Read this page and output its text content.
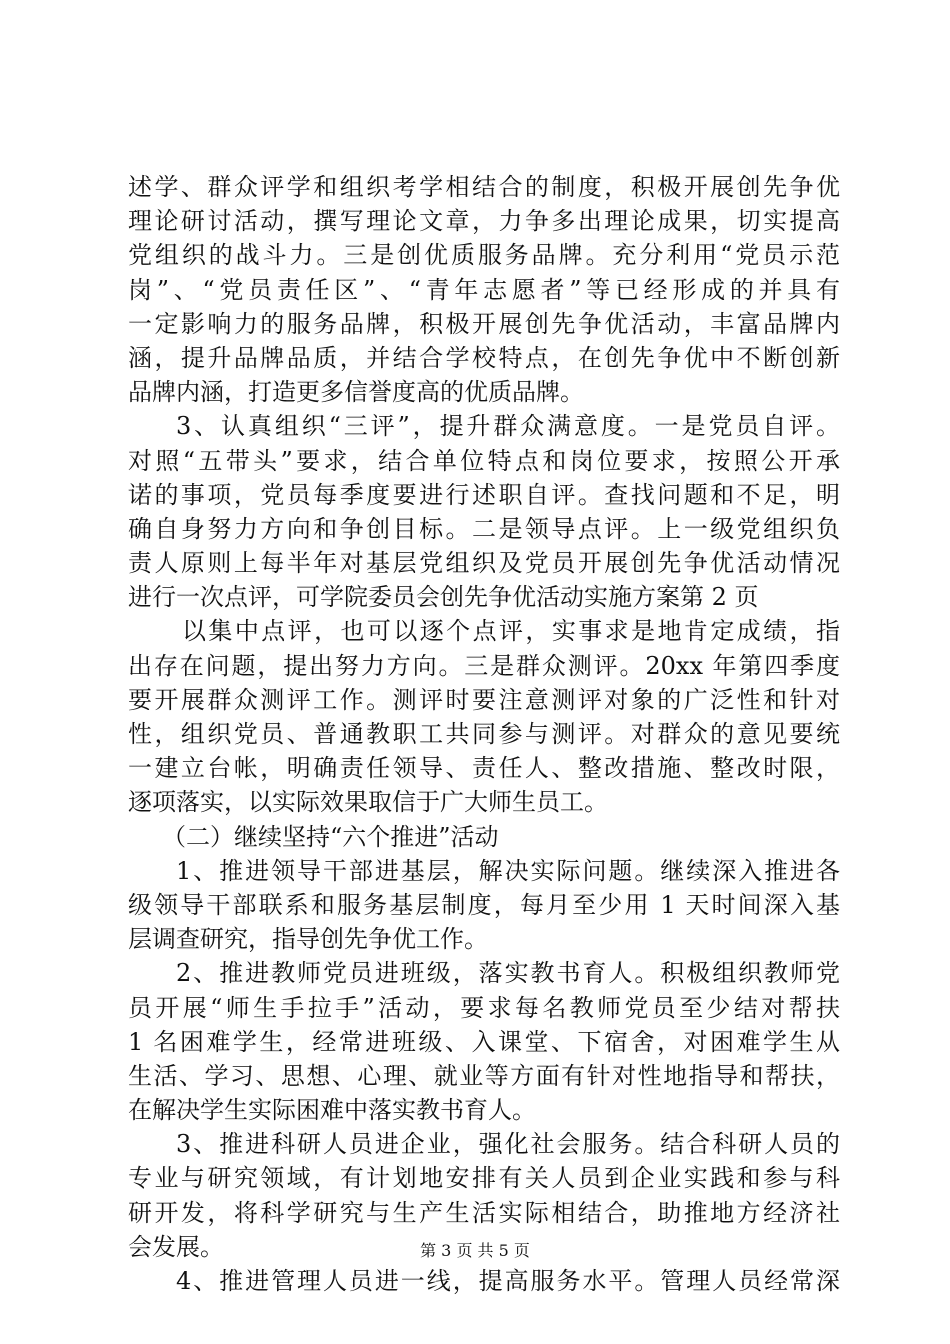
述学、群众评学和组织考学相结合的制度，积极开展创先争优
理论研讨活动，撰写理论文章，力争多出理论成果，切实提高
党组织的战斗力。三是创优质服务品牌。充分利用“党员示范
岗”、“党员责任区”、“青年志愿者”等已经形成的并具有
一定影响力的服务品牌，积极开展创先争优活动，丰富品牌内
涵，提升品牌品质，并结合学校特点，在创先争优中不断创新
品牌内涵，打造更多信誉度高的优质品牌。
3、认真组织“三评”，提升群众满意度。一是党员自评。
对照“五带头”要求，结合单位特点和岗位要求，按照公开承
诺的事项，党员每季度要进行述职自评。查找问题和不足，明
确自身努力方向和争创目标。二是领导点评。上一级党组织负
责人原则上每半年对基层党组织及党员开展创先争优活动情况
进行一次点评，可学院委员会创先争优活动实施方案第 2 页
以集中点评，也可以逐个点评，实事求是地肯定成绩，指
出存在问题，提出努力方向。三是群众测评。20xx 年第四季度
要开展群众测评工作。测评时要注意测评对象的广泛性和针对
性，组织党员、普通教职工共同参与测评。对群众的意见要统
一建立台帐，明确责任领导、责任人、整改措施、整改时限，
逐项落实，以实际效果取信于广大师生员工。
（二）继续坚持“六个推进”活动
1、推进领导干部进基层，解决实际问题。继续深入推进各
级领导干部联系和服务基层制度，每月至少用 1 天时间深入基
层调查研究，指导创先争优工作。
2、推进教师党员进班级，落实教书育人。积极组织教师党
员开展“师生手拉手”活动，要求每名教师党员至少结对帮扶
1 名困难学生，经常进班级、入课堂、下宿舍，对困难学生从
生活、学习、思想、心理、就业等方面有针对性地指导和帮扶，
在解决学生实际困难中落实教书育人。
3、推进科研人员进企业，强化社会服务。结合科研人员的
专业与研究领域，有计划地安排有关人员到企业实践和参与科
研开发，将科学研究与生产生活实际相结合，助推地方经济社
会发展。
4、推进管理人员进一线，提高服务水平。管理人员经常深
第 3 页 共 5 页
